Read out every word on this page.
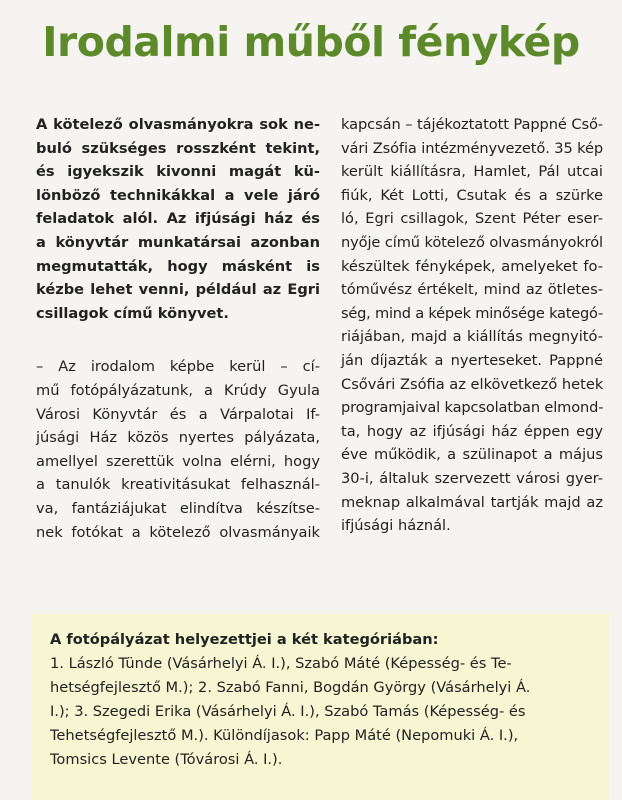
Irodalmi műből fénykép
A kötelező olvasmányokra sok ne-
buló szükséges rosszként tekint,
és igyekszik kivonni magát kü-
lönböző technikákkal a vele járó
feladatok alól. Az ifjúsági ház és
a könyvtár munkatársai azonban
megmutatták, hogy másként is
kézbe lehet venni, például az Egri
csillagok című könyvet.
– Az irodalom képbe kerül – cí-
mű fotópályázatunk, a Krúdy Gyula
Városi Könyvtár és a Várpalotai If-
júsági Ház közös nyertes pályázata,
amellyel szerettük volna elérni, hogy
a tanulók kreativitásukat felhasznál-
va, fantáziájukat elindítva készítse-
nek fotókat a kötelező olvasmányaik
kapcsán – tájékoztatott Pappné Cső-
vári Zsófia intézményvezető. 35 kép
került kiállításra, Hamlet, Pál utcai
fiúk, Két Lotti, Csutak és a szürke
ló, Egri csillagok, Szent Péter eser-
nyője című kötelező olvasmányokról
készültek fényképek, amelyeket fo-
tóművész értékelt, mind az ötletes-
ség, mind a képek minősége kategó-
riájában, majd a kiállítás megnyitó-
ján díjazták a nyerteseket. Pappné
Csővári Zsófia az elkövetkező hetek
programjaival kapcsolatban elmond-
ta, hogy az ifjúsági ház éppen egy
éve működik, a szülinapot a május
30-i, általuk szervezett városi gyer-
meknap alkalmával tartják majd az
ifjúsági háznál.
A fotópályázat helyezettjei a két kategóriában:
1. László Tünde (Vásárhelyi Á. I.), Szabó Máté (Képesség- és Te-
hetségfejlesztő M.); 2. Szabó Fanni, Bogdán György (Vásárhelyi Á.
I.); 3. Szegedi Erika (Vásárhelyi Á. I.), Szabó Tamás (Képesség- és
Tehetségfejlesztő M.). Különdíjasok: Papp Máté (Nepomuki Á. I.),
Tomsics Levente (Tóvárosi Á. I.).
